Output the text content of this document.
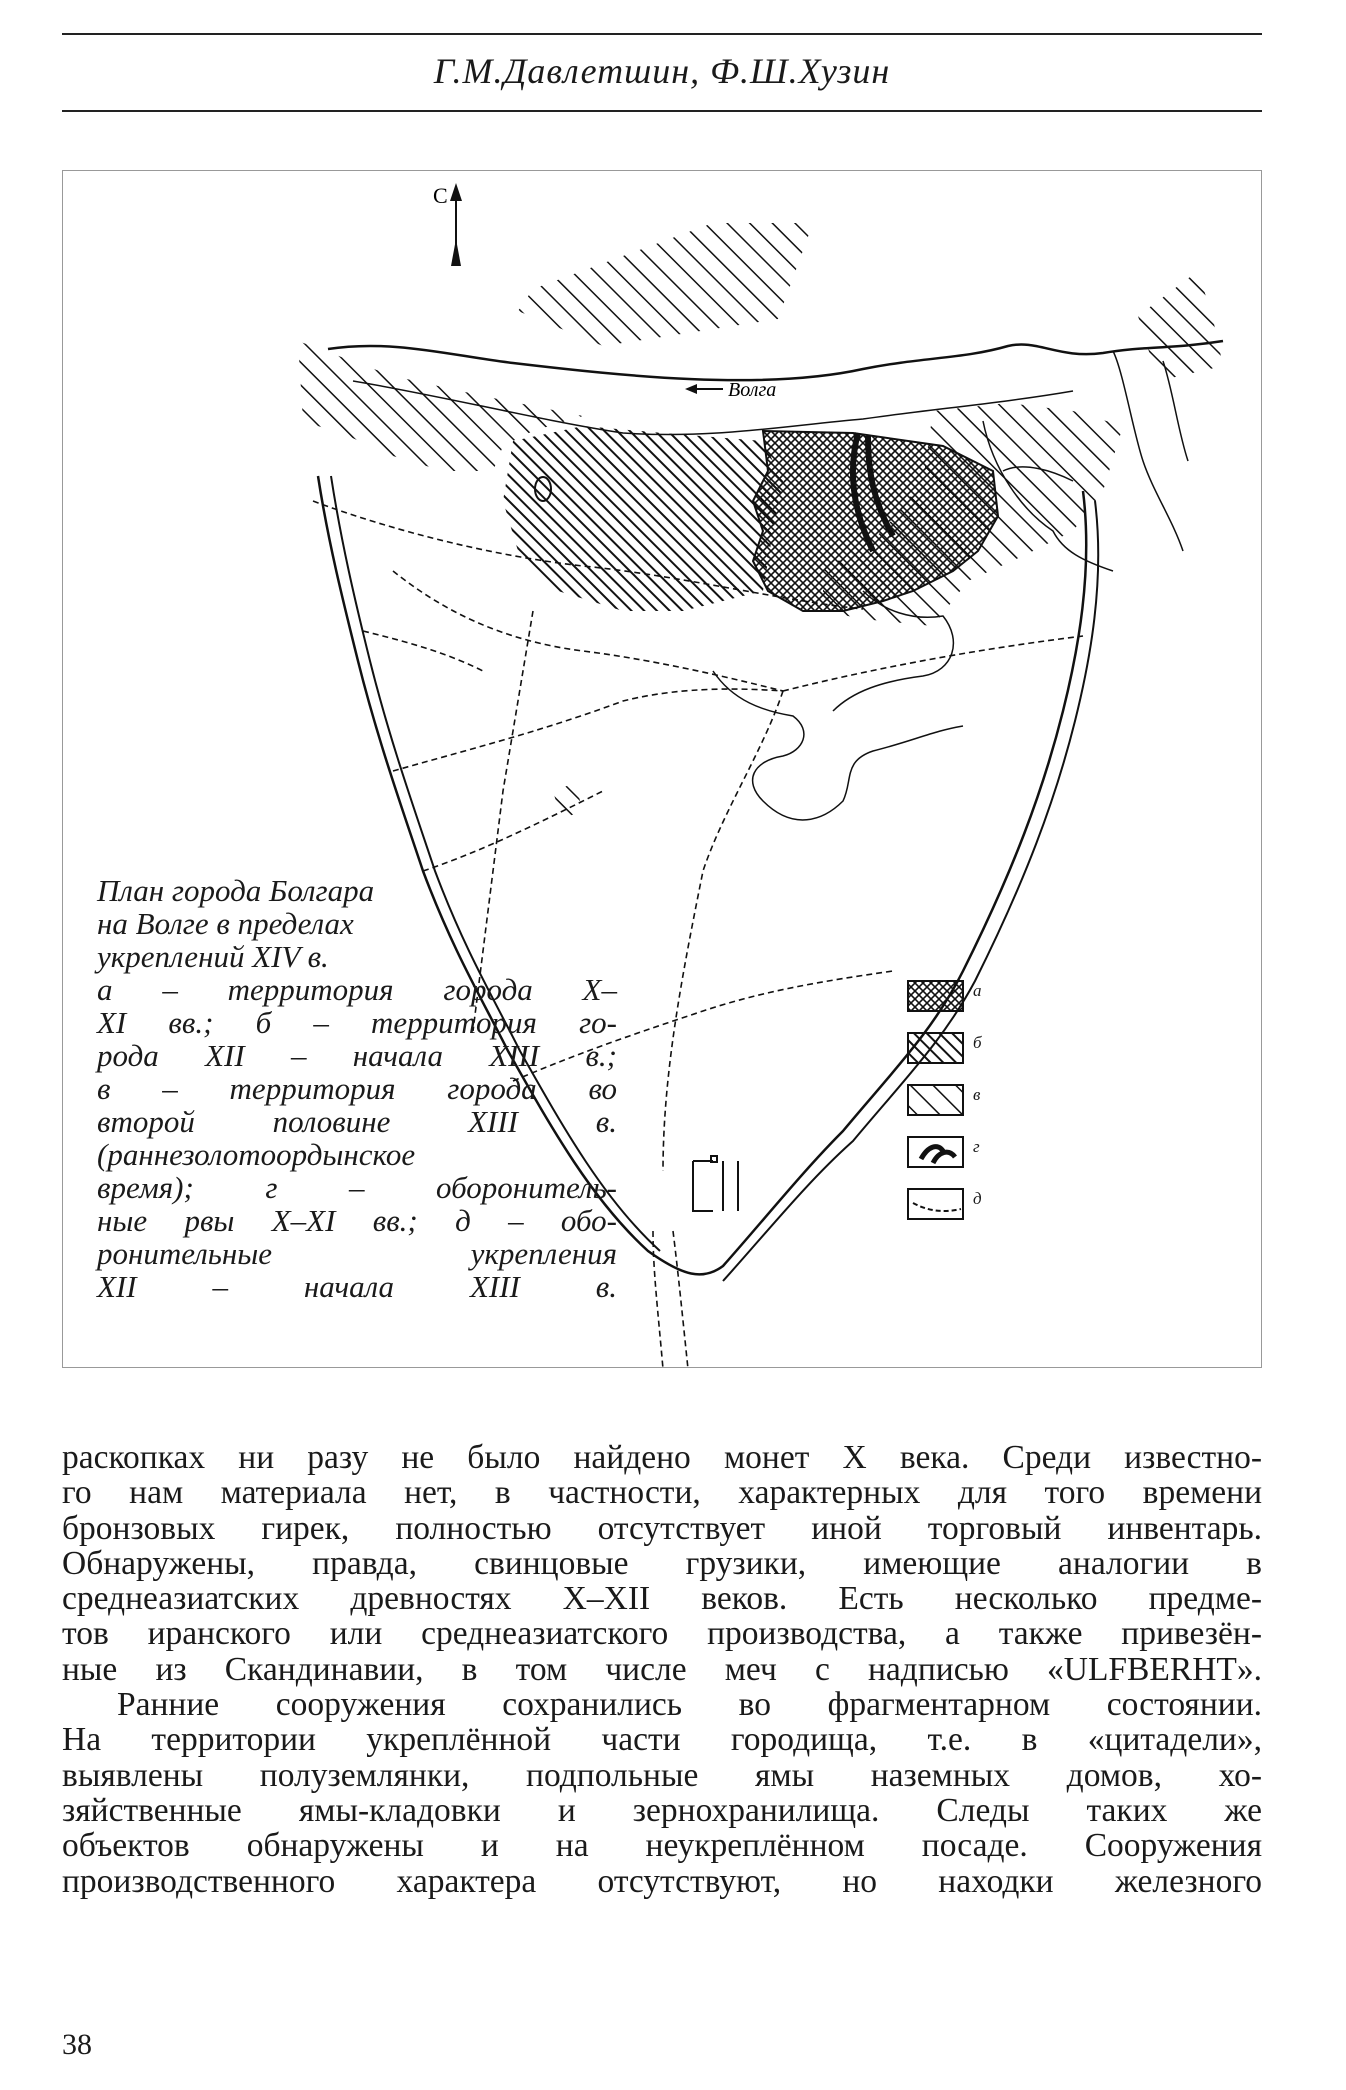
Г.М.Давлетшин, Ф.Ш.Хузин
С
Волга
а
б
в
г
д
План города Болгара
на Волге в пределах
укреплений XIV в.
а – территория города X–
XI вв.; б – территория го-
рода XII – начала XIII в.;
в – территория города во
второй половине XIII в.
(раннезолотоордынское
время); г – оборонитель-
ные рвы X–XI вв.; д – обо-
ронительные укрепления
XII – начала XIII в.
раскопках ни разу не было найдено монет X века. Среди известно-
го нам материала нет, в частности, характерных для того времени
бронзовых гирек, полностью отсутствует иной торговый инвентарь.
Обнаружены, правда, свинцовые грузики, имеющие аналогии в
среднеазиатских древностях X–XII веков. Есть несколько предме-
тов иранского или среднеазиатского производства, а также привезён-
ные из Скандинавии, в том числе меч с надписью «ULFBERHT».
Ранние сооружения сохранились во фрагментарном состоянии.
На территории укреплённой части городища, т.е. в «цитадели»,
выявлены полуземлянки, подпольные ямы наземных домов, хо-
зяйственные ямы-кладовки и зернохранилища. Следы таких же
объектов обнаружены и на неукреплённом посаде. Сооружения
производственного характера отсутствуют, но находки железного
38
